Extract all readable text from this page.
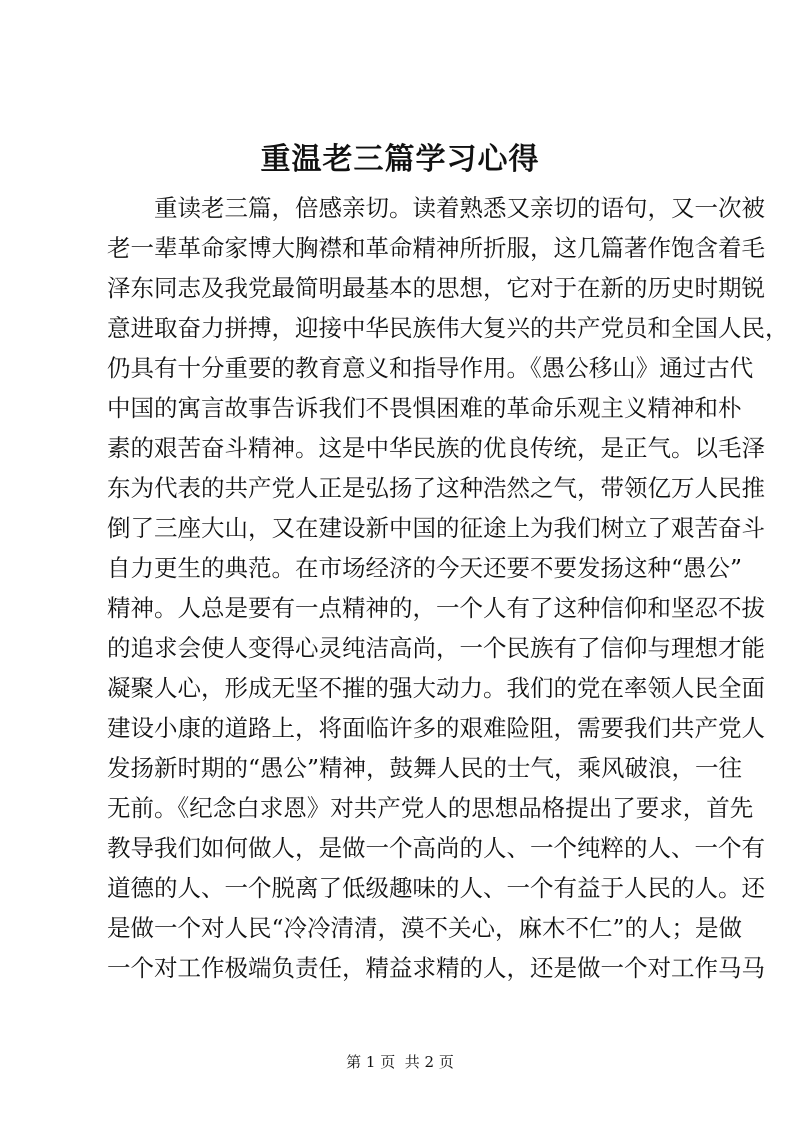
重温老三篇学习心得
重读老三篇，倍感亲切。读着熟悉又亲切的语句，又一次被
老一辈革命家博大胸襟和革命精神所折服，这几篇著作饱含着毛
泽东同志及我党最简明最基本的思想，它对于在新的历史时期锐
意进取奋力拼搏，迎接中华民族伟大复兴的共产党员和全国人民，
仍具有十分重要的教育意义和指导作用。《愚公移山》通过古代
中国的寓言故事告诉我们不畏惧困难的革命乐观主义精神和朴
素的艰苦奋斗精神。这是中华民族的优良传统，是正气。以毛泽
东为代表的共产党人正是弘扬了这种浩然之气，带领亿万人民推
倒了三座大山，又在建设新中国的征途上为我们树立了艰苦奋斗
自力更生的典范。在市场经济的今天还要不要发扬这种“愚公”
精神。人总是要有一点精神的，一个人有了这种信仰和坚忍不拔
的追求会使人变得心灵纯洁高尚，一个民族有了信仰与理想才能
凝聚人心，形成无坚不摧的强大动力。我们的党在率领人民全面
建设小康的道路上，将面临许多的艰难险阻，需要我们共产党人
发扬新时期的“愚公”精神，鼓舞人民的士气，乘风破浪，一往
无前。《纪念白求恩》对共产党人的思想品格提出了要求，首先
教导我们如何做人，是做一个高尚的人、一个纯粹的人、一个有
道德的人、一个脱离了低级趣味的人、一个有益于人民的人。还
是做一个对人民“冷冷清清，漠不关心，麻木不仁”的人；是做
一个对工作极端负责任，精益求精的人，还是做一个对工作马马
第 1 页  共 2 页
